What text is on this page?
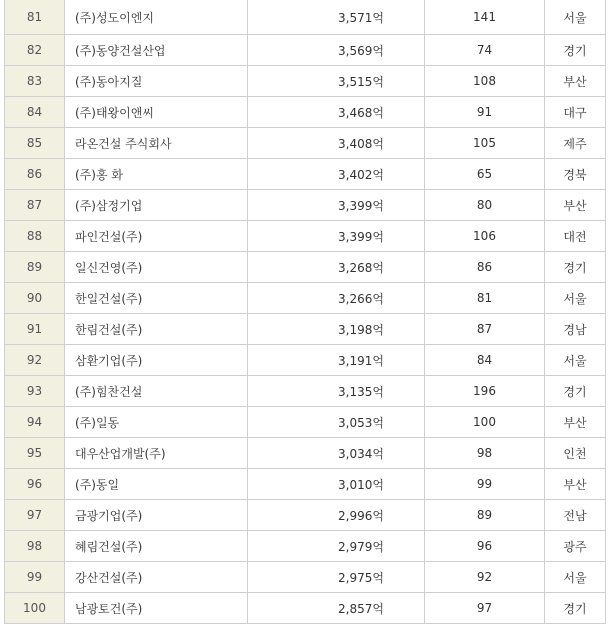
81	(주)성도이엔지	3,571억	141	서울
82	(주)동양건설산업	3,569억	74	경기
83	(주)동아지질	3,515억	108	부산
84	(주)태왕이앤씨	3,468억	91	대구
85	라온건설 주식회사	3,408억	105	제주
86	(주)홍 화	3,402억	65	경북
87	(주)삼정기업	3,399억	80	부산
88	파인건설(주)	3,399억	106	대전
89	일신건영(주)	3,268억	86	경기
90	한일건설(주)	3,266억	81	서울
91	한림건설(주)	3,198억	87	경남
92	삼환기업(주)	3,191억	84	서울
93	(주)힘찬건설	3,135억	196	경기
94	(주)일동	3,053억	100	부산
95	대우산업개발(주)	3,034억	98	인천
96	(주)동일	3,010억	99	부산
97	금광기업(주)	2,996억	89	전남
98	혜림건설(주)	2,979억	96	광주
99	강산건설(주)	2,975억	92	서울
100	남광토건(주)	2,857억	97	경기
